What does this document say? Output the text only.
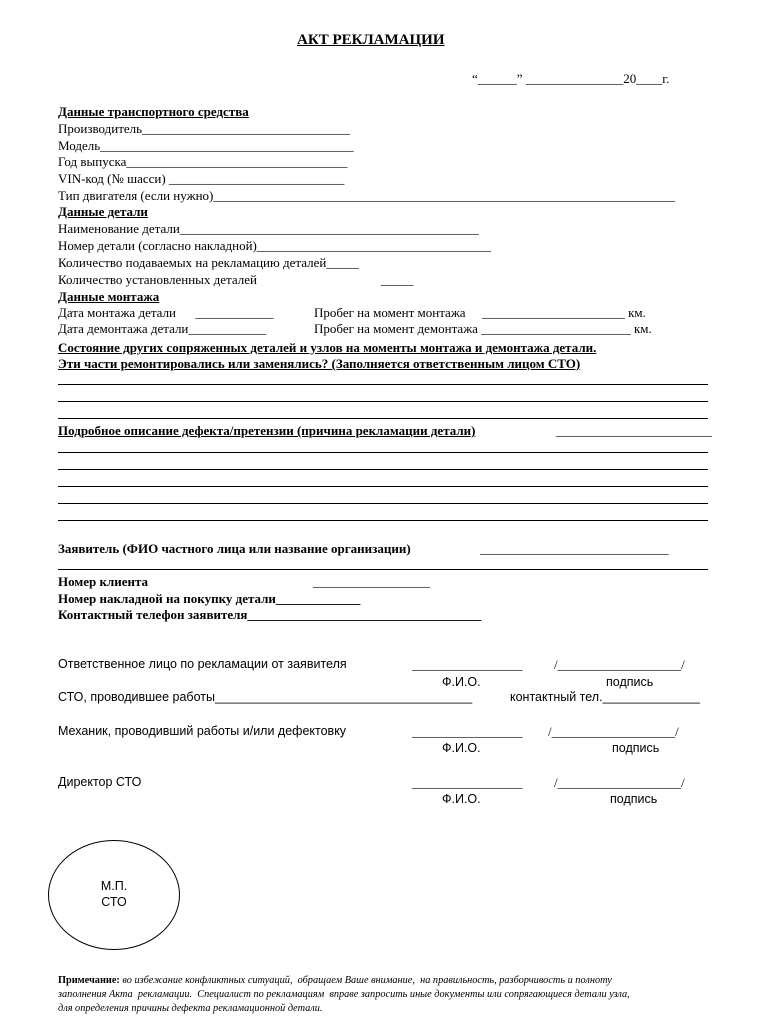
АКТ РЕКЛАМАЦИИ
“______” _______________20____г.
Данные транспортного средства
Производитель________________________________
Модель_______________________________________
Год выпуска__________________________________
VIN-код (№ шасси) ___________________________
Тип двигателя (если нужно)_______________________________________________________________________
Данные детали
Наименование детали______________________________________________
Номер детали (согласно накладной)____________________________________
Количество подаваемых на рекламацию деталей_____
Количество установленных деталей	_____
Данные монтажа
Дата монтажа детали      ____________	Пробег на момент монтажа     ______________________ км.
Дата демонтажа детали____________	Пробег на момент демонтажа _______________________ км.
Состояние других сопряженных деталей и узлов на моменты монтажа и демонтажа детали.
Эти части ремонтировались или заменялись? (Заполняется ответственным лицом СТО)
Подробное описание дефекта/претензии (причина рекламации детали)	________________________
Заявитель (ФИО частного лица или название организации)	_____________________________
Номер клиента	__________________
Номер накладной на покупку детали_____________
Контактный телефон заявителя____________________________________
Ответственное лицо по рекламации от заявителя	_________________ /___________________/
Ф.И.О.	подпись
СТО, проводившее работы_____________________________________	контактный тел.______________
Механик, проводивший работы и/или дефектовку	_________________ /___________________/
Ф.И.О.	подпись
Директор СТО	_________________ /___________________/
Ф.И.О.	подпись
М.П.
СТО
Примечание: во избежание конфликтных ситуаций,  обращаем Ваше внимание,  на правильность, разборчивость и полноту
заполнения Акта  рекламации.  Специалист по рекламациям  вправе запросить иные документы или сопрягающиеся детали узла,
для определения причины дефекта рекламационной детали.
